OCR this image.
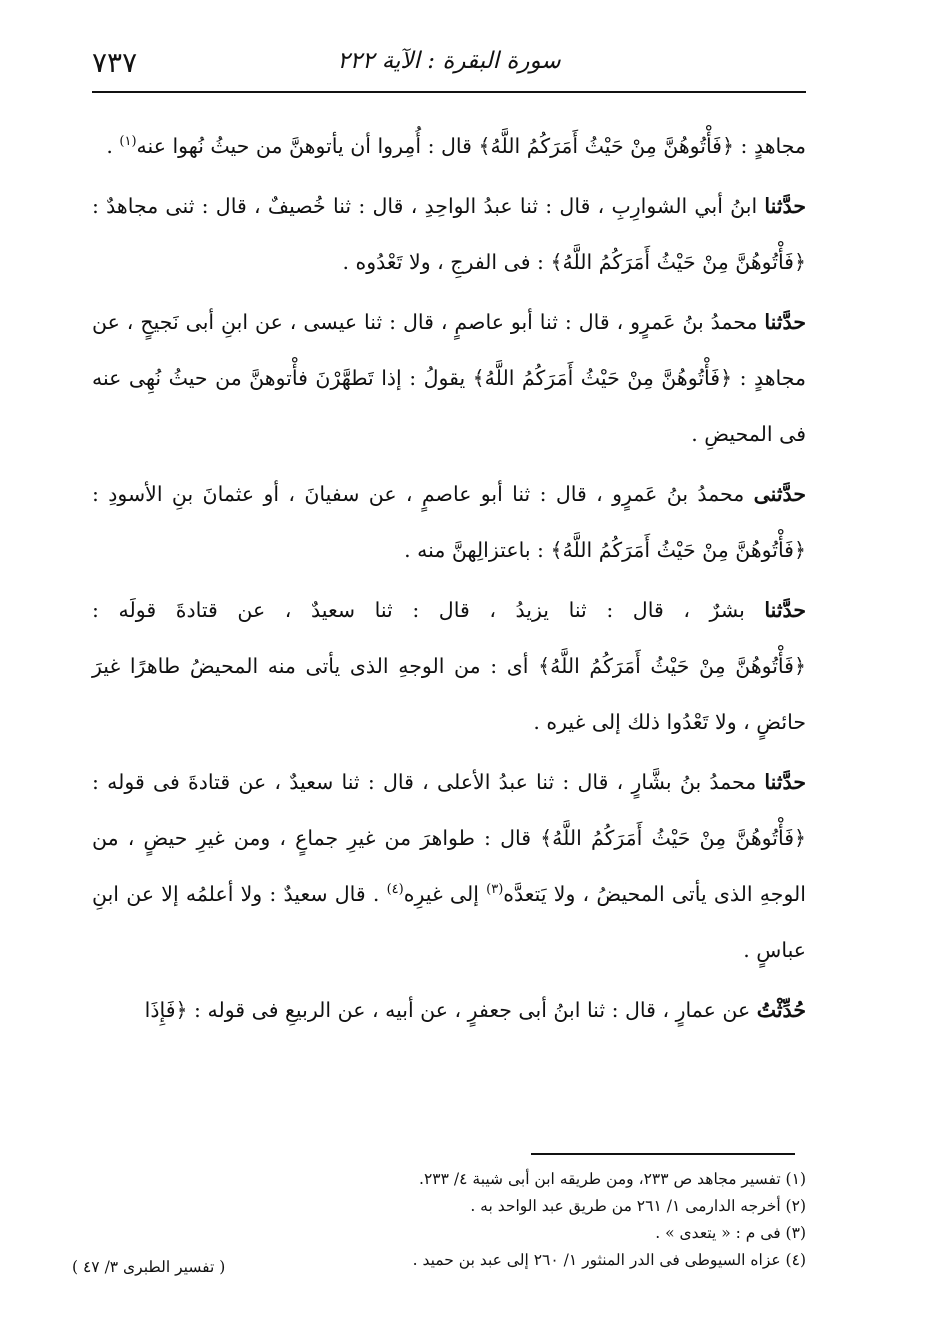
٧٣٧	سورة البقرة : الآية ٢٢٢

مجاهدٍ : ﴿فَأْتُوهُنَّ مِنْ حَيْثُ أَمَرَكُمُ اللَّهُ﴾ قال : أُمِروا أن يأتوهنَّ من حيثُ نُهوا عنه$^{(١)}$ .

حدَّثنا ابنُ أبي الشوارِبِ ، قال : ثنا عبدُ الواحِدِ ، قال : ثنا خُصيفٌ ، قال : ثنى مجاهدٌ : ﴿فَأْتُوهُنَّ مِنْ حَيْثُ أَمَرَكُمُ اللَّهُ﴾ : فى الفرجِ ، ولا تَعْدُوه .

حدَّثنا محمدُ بنُ عَمرٍو ، قال : ثنا أبو عاصمٍ ، قال : ثنا عيسى ، عن ابنِ أبى نَجيحٍ ، عن مجاهدٍ : ﴿فَأْتُوهُنَّ مِنْ حَيْثُ أَمَرَكُمُ اللَّهُ﴾ يقولُ : إذا تَطهَّرْنَ فأْتوهنَّ من حيثُ نُهِى عنه فى المحيضِ .

حدَّثنى محمدُ بنُ عَمرٍو ، قال : ثنا أبو عاصمٍ ، عن سفيانَ ، أو عثمانَ بنِ الأسودِ : ﴿فَأْتُوهُنَّ مِنْ حَيْثُ أَمَرَكُمُ اللَّهُ﴾ : باعتزالِهنَّ منه .

حدَّثنا بشرٌ ، قال : ثنا يزيدُ ، قال : ثنا سعيدٌ ، عن قتادةَ قولَه : ﴿فَأْتُوهُنَّ مِنْ حَيْثُ أَمَرَكُمُ اللَّهُ﴾ أى : من الوجهِ الذى يأتى منه المحيضُ طاهرًا غيرَ حائضٍ ، ولا تَعْدُوا ذلك إلى غيره .

حدَّثنا محمدُ بنُ بشَّارٍ ، قال : ثنا عبدُ الأعلى ، قال : ثنا سعيدٌ ، عن قتادةَ فى قوله : ﴿فَأْتُوهُنَّ مِنْ حَيْثُ أَمَرَكُمُ اللَّهُ﴾ قال : طواهرَ من غيرِ جماعٍ ، ومن غيرِ حيضٍ ، من الوجهِ الذى يأتى المحيضُ ، ولا يَتعدَّه$^{(٣)}$ إلى غيرِه$^{(٤)}$ . قال سعيدٌ : ولا أعلمُه إلا عن ابنِ عباسٍ .

حُدِّثْتُ عن عمارٍ ، قال : ثنا ابنُ أبى جعفرٍ ، عن أبيه ، عن الربيعِ فى قوله : ﴿فَإِذَا

(١) تفسير مجاهد ص ٢٣٣، ومن طريقه ابن أبى شيبة ٤/ ٢٣٣.
(٢) أخرجه الدارمى ١/ ٢٦١ من طريق عبد الواحد به .
(٣) فى م : « يتعدى » .
(٤) عزاه السيوطى فى الدر المنثور ١/ ٢٦٠ إلى عبد بن حميد .
( تفسير الطبرى ٣/ ٤٧ )
